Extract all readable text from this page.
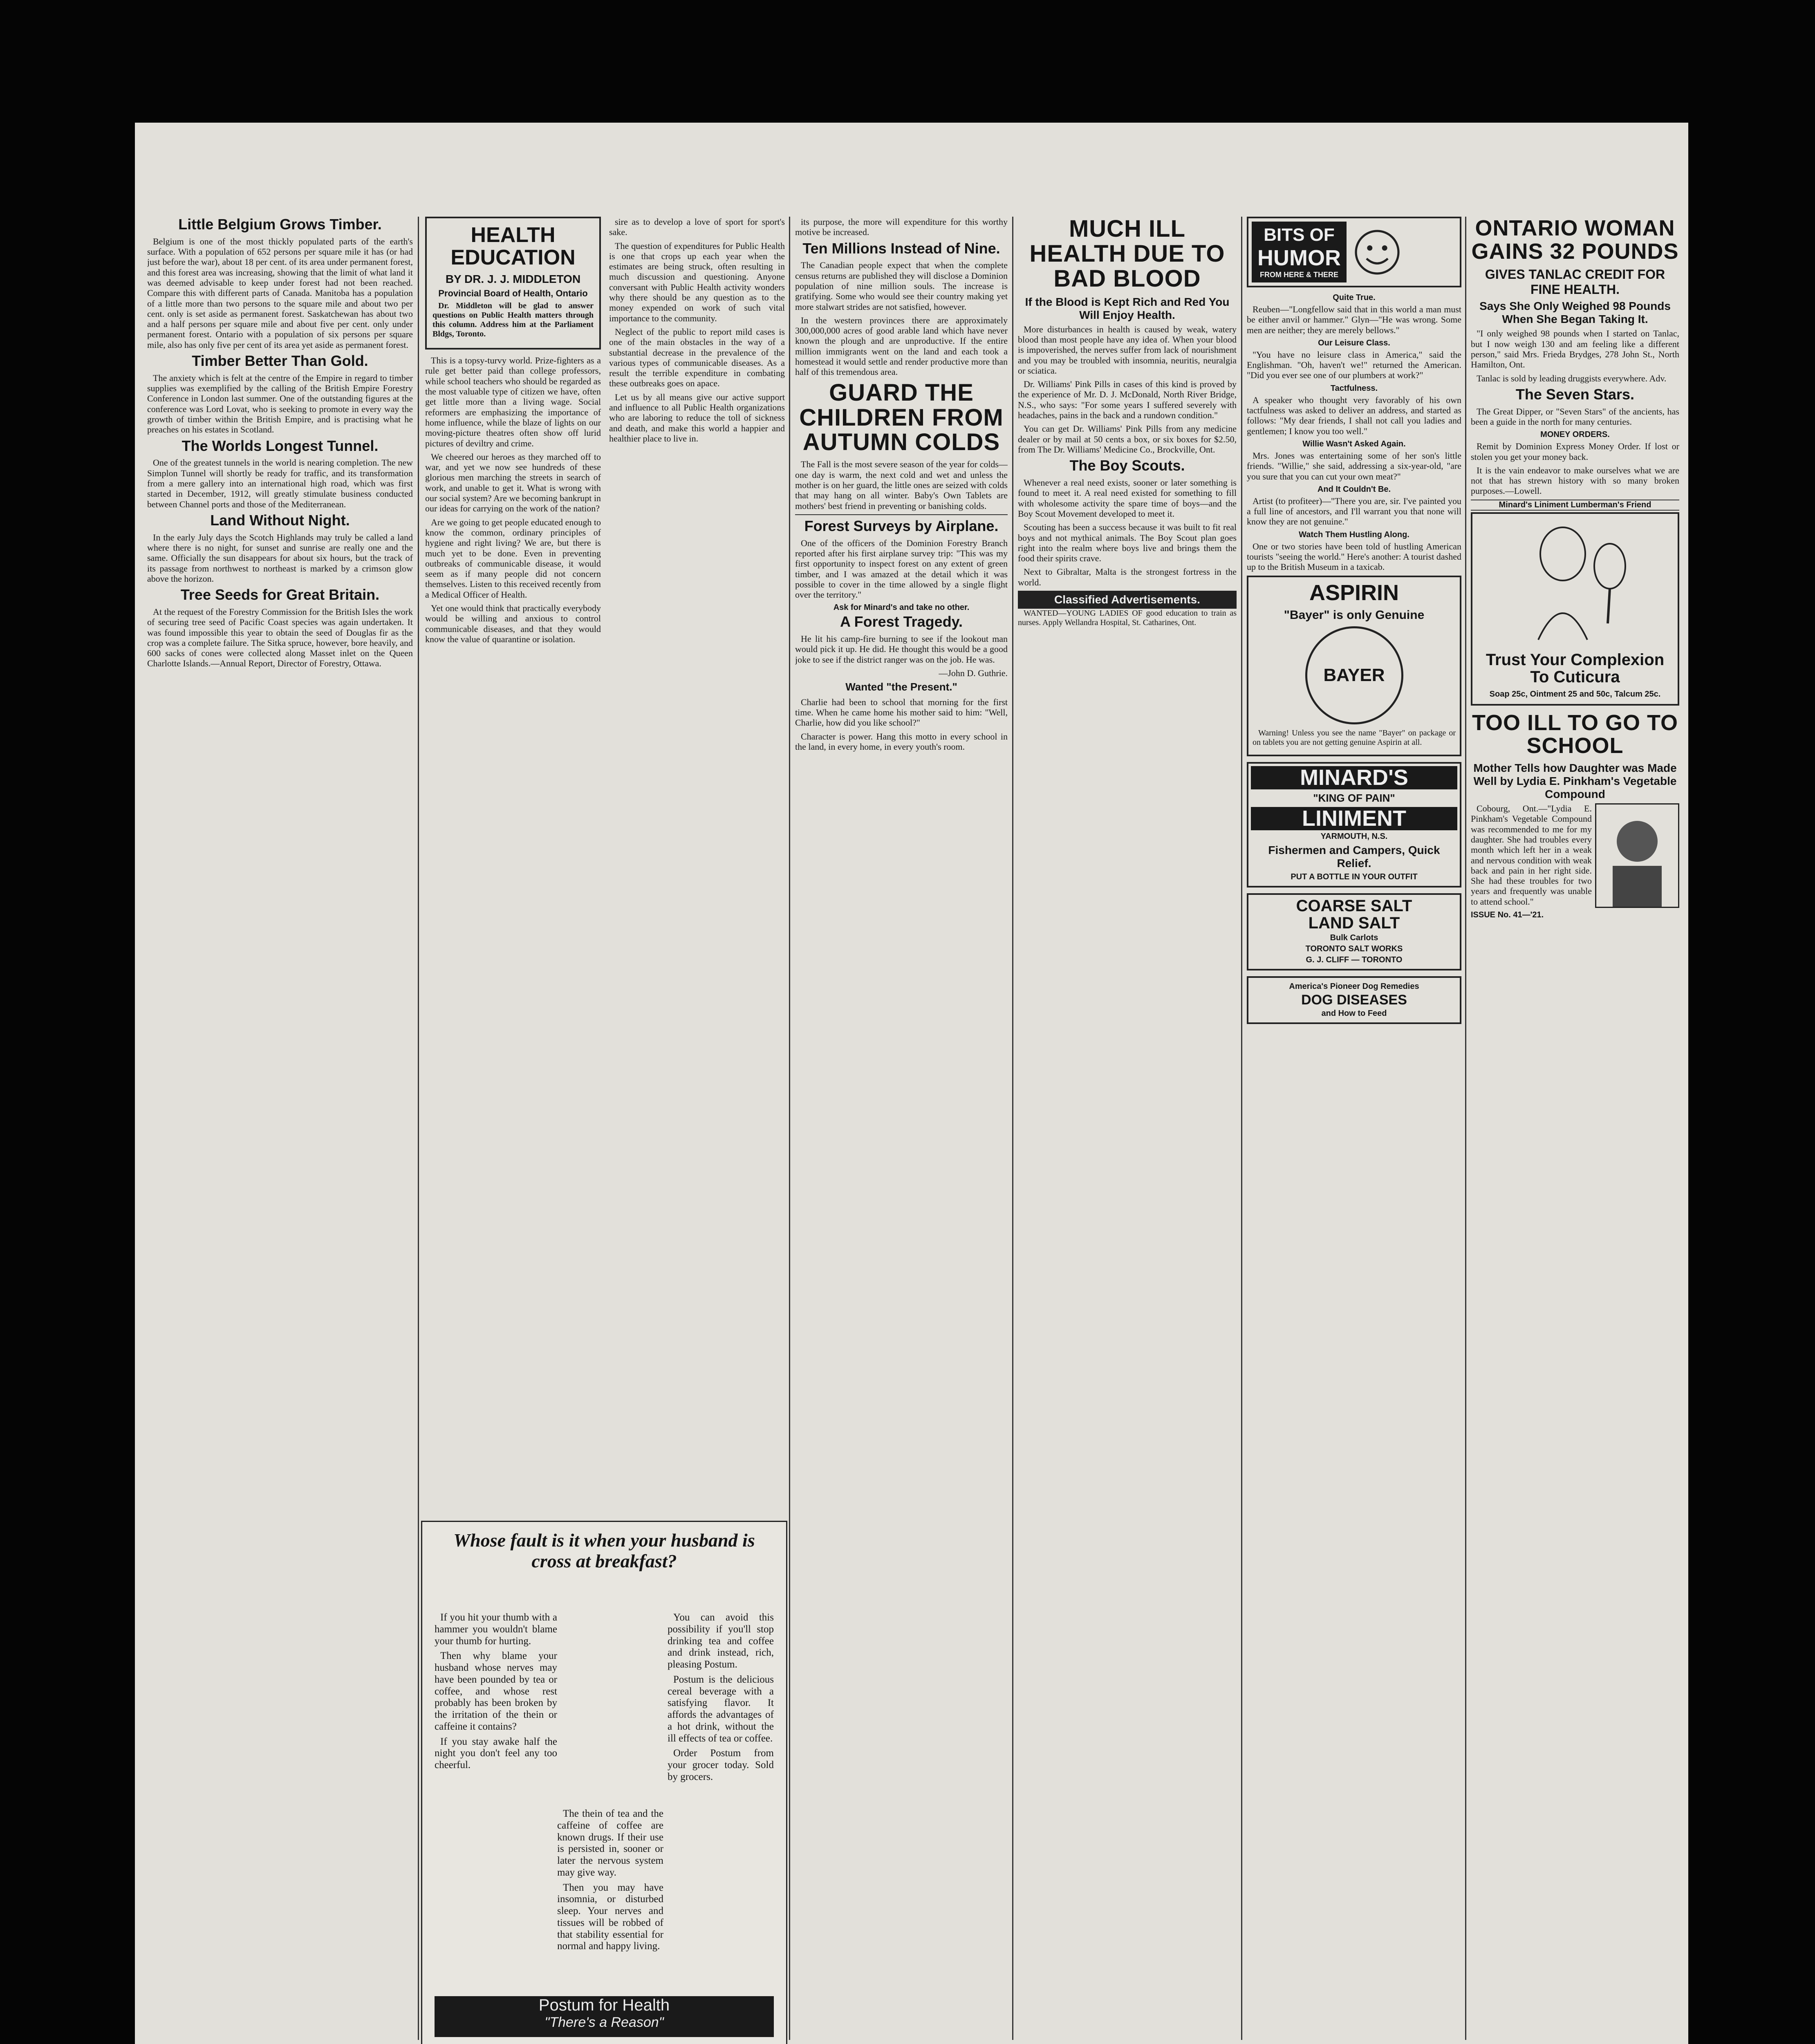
Little Belgium Grows Timber.

Belgium is one of the most thickly populated parts of the earth's surface. With a population of 652 persons per square mile it has (or had just before the war), about 18 per cent. of its area under permanent forest, and this forest area was increasing, showing that the limit of what land it was deemed advisable to keep under forest had not been reached. Compare this with different parts of Canada. Manitoba has a population of a little more than two persons to the square mile and about two per cent. only is set aside as permanent forest. Saskatchewan has about two and a half persons per square mile and about five per cent. only under permanent forest. Ontario with a population of six persons per square mile, also has only five per cent of its area yet aside as permanent forest.

Timber Better Than Gold.

The anxiety which is felt at the centre of the Empire in regard to timber supplies was exemplified by the calling of the British Empire Forestry Conference in London last summer. One of the outstanding figures at the conference was Lord Lovat, who is seeking to promote in every way the growth of timber within the British Empire, and is practising what he preaches on his estates in Scotland.

The Worlds Longest Tunnel.

One of the greatest tunnels in the world is nearing completion. The new Simplon Tunnel will shortly be ready for traffic, and its transformation from a mere gallery into an international high road, which was first started in December, 1912, will greatly stimulate business conducted between Channel ports and those of the Mediterranean.

Land Without Night.

In the early July days the Scotch Highlands may truly be called a land where there is no night, for sunset and sunrise are really one and the same. Officially the sun disappears for about six hours, but the track of its passage from northwest to northeast is marked by a crimson glow above the horizon.

Tree Seeds for Great Britain.

At the request of the Forestry Commission for the British Isles the work of securing tree seed of Pacific Coast species was again undertaken. It was found impossible this year to obtain the seed of Douglas fir as the crop was a complete failure. The Sitka spruce, however, bore heavily, and 600 sacks of cones were collected along Masset inlet on the Queen Charlotte Islands.—Annual Report, Director of Forestry, Ottawa.

HEALTH EDUCATION
BY DR. J. J. MIDDLETON
Provincial Board of Health, Ontario

Dr. Middleton will be glad to answer questions on Public Health matters through this column. Address him at the Parliament Bldgs, Toronto.

This is a topsy-turvy world. Prize-fighters as a rule get better paid than college professors, while school teachers who should be regarded as the most valuable type of citizen we have, often get little more than a living wage. Social reformers are emphasizing the importance of home influence, while the blaze of lights on our moving-picture theatres often show off lurid pictures of deviltry and crime.

We cheered our heroes as they marched off to war, and yet we now see hundreds of these glorious men marching the streets in search of work, and unable to get it. What is wrong with our social system? Are we becoming bankrupt in our ideas for carrying on the work of the nation?

Are we going to get people educated enough to know the common, ordinary principles of hygiene and right living? We are, but there is much yet to be done. Even in preventing outbreaks of communicable disease, it would seem as if many people did not concern themselves. Listen to this received recently from a Medical Officer of Health.

Yet one would think that practically everybody would be willing and anxious to control communicable diseases, and that they would know the value of quarantine or isolation.

sire as to develop a love of sport for sport's sake.

The question of expenditures for Public Health is one that crops up each year when the estimates are being struck, often resulting in much discussion and questioning. Anyone conversant with Public Health activity wonders why there should be any question as to the money expended on work of such vital importance to the community.

Neglect of the public to report mild cases is one of the main obstacles in the way of a substantial decrease in the prevalence of the various types of communicable diseases. As a result the terrible expenditure in combating these outbreaks goes on apace.

Let us by all means give our active support and influence to all Public Health organizations who are laboring to reduce the toll of sickness and death, and make this world a happier and healthier place to live in.

Whose fault is it when your husband is cross at breakfast?

If you hit your thumb with a hammer you wouldn't blame your thumb for hurting.

Then why blame your husband whose nerves may have been pounded by tea or coffee, and whose rest probably has been broken by the irritation of the thein or caffeine it contains?

If you stay awake half the night you don't feel any too cheerful.

The thein of tea and the caffeine of coffee are known drugs. If their use is persisted in, sooner or later the nervous system may give way.

Then you may have insomnia, or disturbed sleep. Your nerves and tissues will be robbed of that stability essential for normal and happy living.

You can avoid this possibility if you'll stop drinking tea and coffee and drink instead, rich, pleasing Postum.

Postum is the delicious cereal beverage with a satisfying flavor. It affords the advantages of a hot drink, without the ill effects of tea or coffee.

Order Postum from your grocer today. Sold by grocers.

Postum for Health
"There's a Reason"

its purpose, the more will expenditure for this worthy motive be increased.

Ten Millions Instead of Nine.

The Canadian people expect that when the complete census returns are published they will disclose a Dominion population of nine million souls. The increase is gratifying. Some who would see their country making yet more stalwart strides are not satisfied, however.

In the western provinces there are approximately 300,000,000 acres of good arable land which have never known the plough and are unproductive. If the entire million immigrants went on the land and each took a homestead it would settle and render productive more than half of this tremendous area.

GUARD THE CHILDREN FROM AUTUMN COLDS

The Fall is the most severe season of the year for colds—one day is warm, the next cold and wet and unless the mother is on her guard, the little ones are seized with colds that may hang on all winter. Baby's Own Tablets are mothers' best friend in preventing or banishing colds.

Forest Surveys by Airplane.

One of the officers of the Dominion Forestry Branch reported after his first airplane survey trip: "This was my first opportunity to inspect forest on any extent of green timber, and I was amazed at the detail which it was possible to cover in the time allowed by a single flight over the territory."

Ask for Minard's and take no other.
A Forest Tragedy.

He lit his camp-fire burning to see if the lookout man would pick it up. He did. He thought this would be a good joke to see if the district ranger was on the job. He was.

—John D. Guthrie.

Wanted "the Present."

Charlie had been to school that morning for the first time. When he came home his mother said to him: "Well, Charlie, how did you like school?"

Character is power. Hang this motto in every school in the land, in every home, in every youth's room.

MUCH ILL HEALTH DUE TO BAD BLOOD
If the Blood is Kept Rich and Red You Will Enjoy Health.

More disturbances in health is caused by weak, watery blood than most people have any idea of. When your blood is impoverished, the nerves suffer from lack of nourishment and you may be troubled with insomnia, neuritis, neuralgia or sciatica.

Dr. Williams' Pink Pills in cases of this kind is proved by the experience of Mr. D. J. McDonald, North River Bridge, N.S., who says: "For some years I suffered severely with headaches, pains in the back and a rundown condition."

You can get Dr. Williams' Pink Pills from any medicine dealer or by mail at 50 cents a box, or six boxes for $2.50, from The Dr. Williams' Medicine Co., Brockville, Ont.

The Boy Scouts.

Whenever a real need exists, sooner or later something is found to meet it. A real need existed for something to fill with wholesome activity the spare time of boys—and the Boy Scout Movement developed to meet it.

Scouting has been a success because it was built to fit real boys and not mythical animals. The Boy Scout plan goes right into the realm where boys live and brings them the food their spirits crave.

Next to Gibraltar, Malta is the strongest fortress in the world.

Classified Advertisements.

WANTED—YOUNG LADIES OF good education to train as nurses. Apply Wellandra Hospital, St. Catharines, Ont.

BITS OF
HUMOR
FROM HERE & THERE
Quite True.

Reuben—"Longfellow said that in this world a man must be either anvil or hammer." Glyn—"He was wrong. Some men are neither; they are merely bellows."

Our Leisure Class.

"You have no leisure class in America," said the Englishman. "Oh, haven't we!" returned the American. "Did you ever see one of our plumbers at work?"

Tactfulness.

A speaker who thought very favorably of his own tactfulness was asked to deliver an address, and started as follows: "My dear friends, I shall not call you ladies and gentlemen; I know you too well."

Willie Wasn't Asked Again.

Mrs. Jones was entertaining some of her son's little friends. "Willie," she said, addressing a six-year-old, "are you sure that you can cut your own meat?"

And It Couldn't Be.

Artist (to profiteer)—"There you are, sir. I've painted you a full line of ancestors, and I'll warrant you that none will know they are not genuine."

Watch Them Hustling Along.

One or two stories have been told of hustling American tourists "seeing the world." Here's another: A tourist dashed up to the British Museum in a taxicab.

ASPIRIN
"Bayer" is only Genuine
BAYER

Warning! Unless you see the name "Bayer" on package or on tablets you are not getting genuine Aspirin at all.

MINARD'S
"KING OF PAIN"
LINIMENT
YARMOUTH, N.S.
Fishermen and Campers, Quick Relief.
PUT A BOTTLE IN YOUR OUTFIT
COARSE SALT
LAND SALT
Bulk Carlots
TORONTO SALT WORKS
G. J. CLIFF — TORONTO
America's Pioneer Dog Remedies
DOG DISEASES
and How to Feed
ONTARIO WOMAN GAINS 32 POUNDS
GIVES TANLAC CREDIT FOR FINE HEALTH.
Says She Only Weighed 98 Pounds When She Began Taking It.

"I only weighed 98 pounds when I started on Tanlac, but I now weigh 130 and am feeling like a different person," said Mrs. Frieda Brydges, 278 John St., North Hamilton, Ont.

Tanlac is sold by leading druggists everywhere. Adv.

The Seven Stars.

The Great Dipper, or "Seven Stars" of the ancients, has been a guide in the north for many centuries.

MONEY ORDERS.

Remit by Dominion Express Money Order. If lost or stolen you get your money back.

It is the vain endeavor to make ourselves what we are not that has strewn history with so many broken purposes.—Lowell.

Minard's Liniment Lumberman's Friend
Trust Your Complexion To Cuticura
Soap 25c, Ointment 25 and 50c, Talcum 25c.
TOO ILL TO GO TO SCHOOL
Mother Tells how Daughter was Made Well by Lydia E. Pinkham's Vegetable Compound

Cobourg, Ont.—"Lydia E. Pinkham's Vegetable Compound was recommended to me for my daughter. She had troubles every month which left her in a weak and nervous condition with weak back and pain in her right side. She had these troubles for two years and frequently was unable to attend school."

ISSUE No. 41—'21.
